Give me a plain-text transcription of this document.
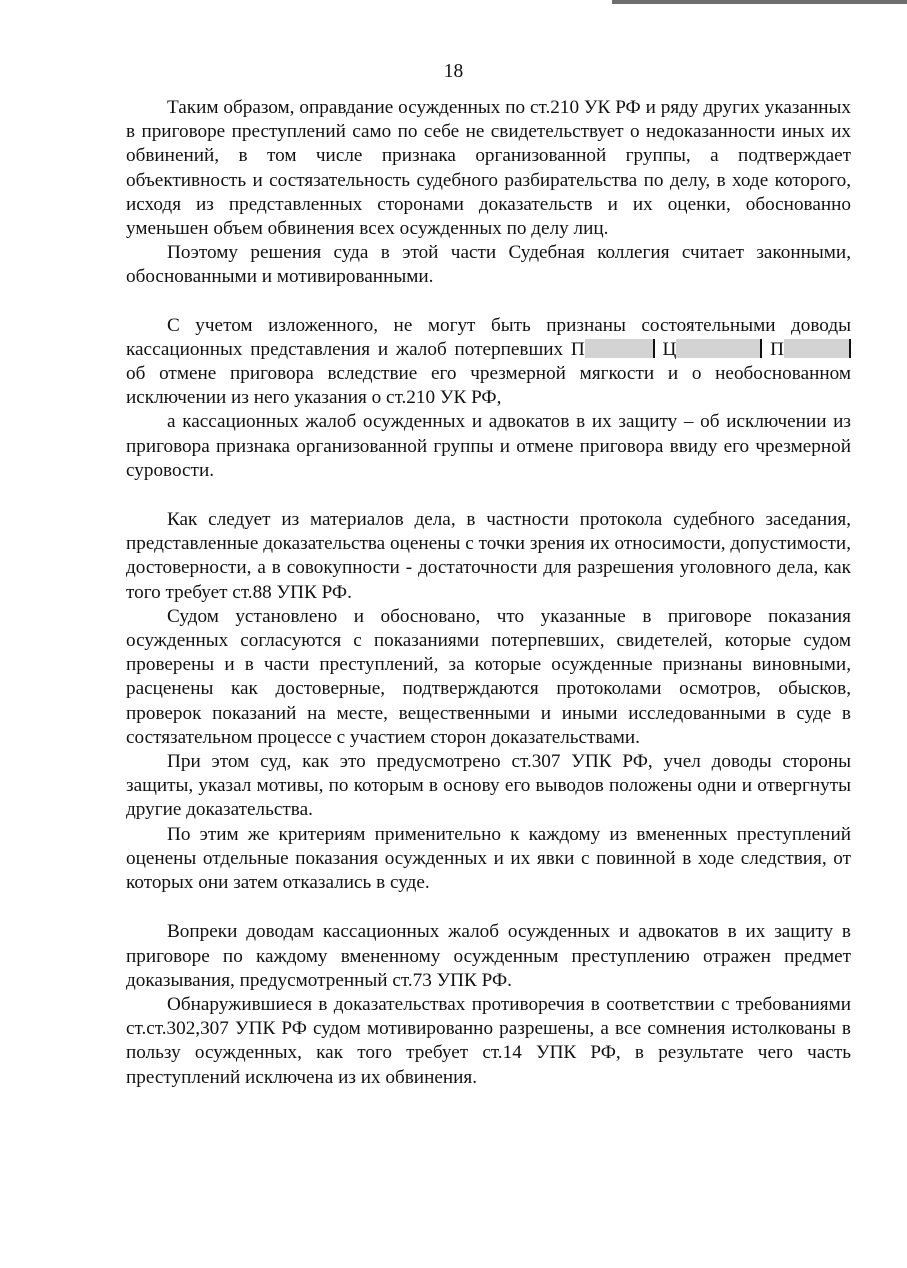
18

Таким образом, оправдание осужденных по ст.210 УК РФ и ряду других указанных в приговоре преступлений само по себе не свидетельствует о недоказанности иных их обвинений, в том числе признака организованной группы, а подтверждает объективность и состязательность судебного разбирательства по делу, в ходе которого, исходя из представленных сторонами доказательств и их оценки, обоснованно уменьшен объем обвинения всех осужденных по делу лиц.

Поэтому решения суда в этой части Судебная коллегия считает законными, обоснованными и мотивированными.

С учетом изложенного, не могут быть признаны состоятельными доводы кассационных представления и жалоб потерпевших П	Ц	П об отмене приговора вследствие его чрезмерной мягкости и о необоснованном исключении из него указания о ст.210 УК РФ,

а кассационных жалоб осужденных и адвокатов в их защиту – об исключении из приговора признака организованной группы и отмене приговора ввиду его чрезмерной суровости.

Как следует из материалов дела, в частности протокола судебного заседания, представленные доказательства оценены с точки зрения их относимости, допустимости, достоверности, а в совокупности - достаточности для разрешения уголовного дела, как того требует ст.88 УПК РФ.

Судом установлено и обосновано, что указанные в приговоре показания осужденных согласуются с показаниями потерпевших, свидетелей, которые судом проверены и в части преступлений, за которые осужденные признаны виновными, расценены как достоверные, подтверждаются протоколами осмотров, обысков, проверок показаний на месте, вещественными и иными исследованными в суде в состязательном процессе с участием сторон доказательствами.

При этом суд, как это предусмотрено ст.307 УПК РФ, учел доводы стороны защиты, указал мотивы, по которым в основу его выводов положены одни и отвергнуты другие доказательства.

По этим же критериям применительно к каждому из вмененных преступлений оценены отдельные показания осужденных и их явки с повинной в ходе следствия, от которых они затем отказались в суде.

Вопреки доводам кассационных жалоб осужденных и адвокатов в их защиту в приговоре по каждому вмененному осужденным преступлению отражен предмет доказывания, предусмотренный ст.73 УПК РФ.

Обнаружившиеся в доказательствах противоречия в соответствии с требованиями ст.ст.302,307 УПК РФ судом мотивированно разрешены, а все сомнения истолкованы в пользу осужденных, как того требует ст.14 УПК РФ, в результате чего часть преступлений исключена из их обвинения.
